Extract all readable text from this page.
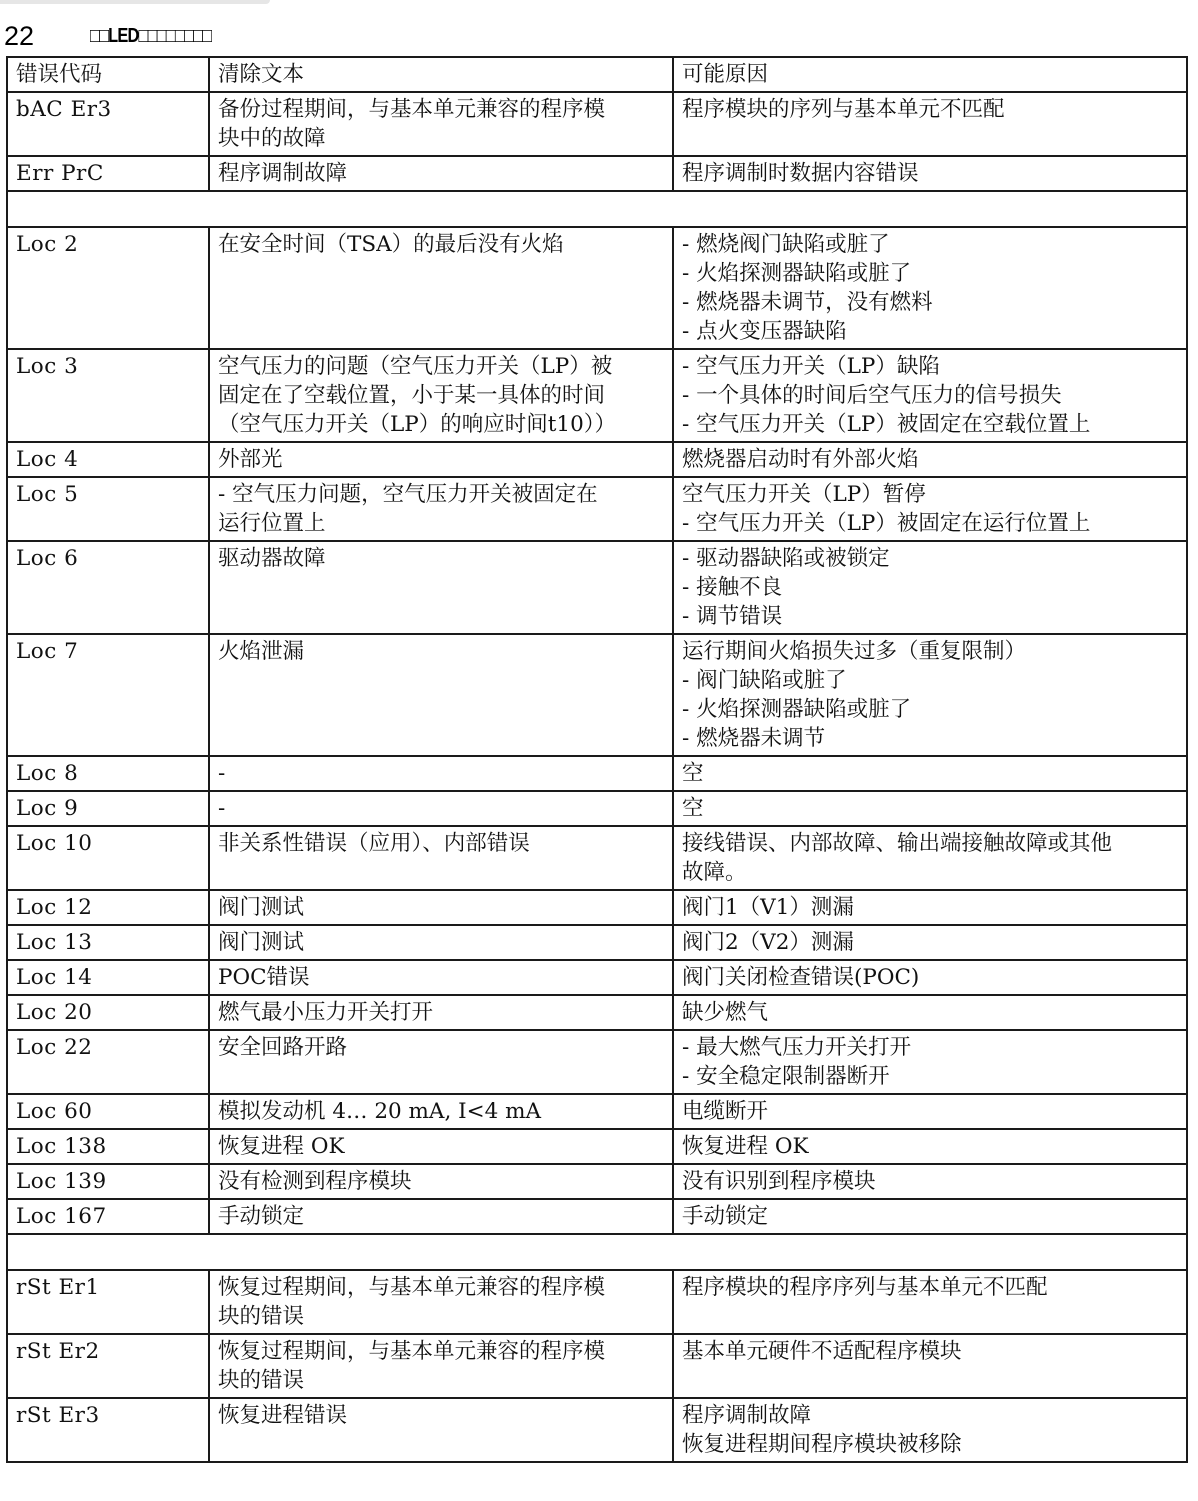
22	□□LED□□□□□□□□
错误代码	清除文本	可能原因
bAC Er3	备份过程期间，与基本单元兼容的程序模
块中的故障	程序模块的序列与基本单元不匹配

Err PrC	程序调制故障	程序调制时数据内容错误

Loc 2	在安全时间（TSA）的最后没有火焰	- 燃烧阀门缺陷或脏了
- 火焰探测器缺陷或脏了
- 燃烧器未调节，没有燃料
- 点火变压器缺陷

Loc 3	空气压力的问题（空气压力开关（LP）被
固定在了空载位置，小于某一具体的时间
（空气压力开关（LP）的响应时间t10））	- 空气压力开关（LP）缺陷
- 一个具体的时间后空气压力的信号损失
- 空气压力开关（LP）被固定在空载位置上

Loc 4	外部光	燃烧器启动时有外部火焰

Loc 5	- 空气压力问题，空气压力开关被固定在
运行位置上	空气压力开关（LP）暂停
- 空气压力开关（LP）被固定在运行位置上

Loc 6	驱动器故障	- 驱动器缺陷或被锁定
- 接触不良
- 调节错误

Loc 7	火焰泄漏	运行期间火焰损失过多（重复限制）
- 阀门缺陷或脏了
- 火焰探测器缺陷或脏了
- 燃烧器未调节

Loc 8	-	空

Loc 9	-	空

Loc 10	非关系性错误（应用）、内部错误	接线错误、内部故障、输出端接触故障或其他
故障。

Loc 12	阀门测试	阀门1（V1）测漏

Loc 13	阀门测试	阀门2（V2）测漏

Loc 14	POC错误	阀门关闭检查错误(POC)

Loc 20	燃气最小压力开关打开	缺少燃气

Loc 22	安全回路开路	- 最大燃气压力开关打开
- 安全稳定限制器断开

Loc 60	模拟发动机 4… 20 mA, I<4 mA	电缆断开

Loc 138	恢复进程 OK	恢复进程 OK

Loc 139	没有检测到程序模块	没有识别到程序模块

Loc 167	手动锁定	手动锁定

rSt Er1	恢复过程期间，与基本单元兼容的程序模
块的错误	程序模块的程序序列与基本单元不匹配

rSt Er2	恢复过程期间，与基本单元兼容的程序模
块的错误	基本单元硬件不适配程序模块

rSt Er3	恢复进程错误	程序调制故障
恢复进程期间程序模块被移除
